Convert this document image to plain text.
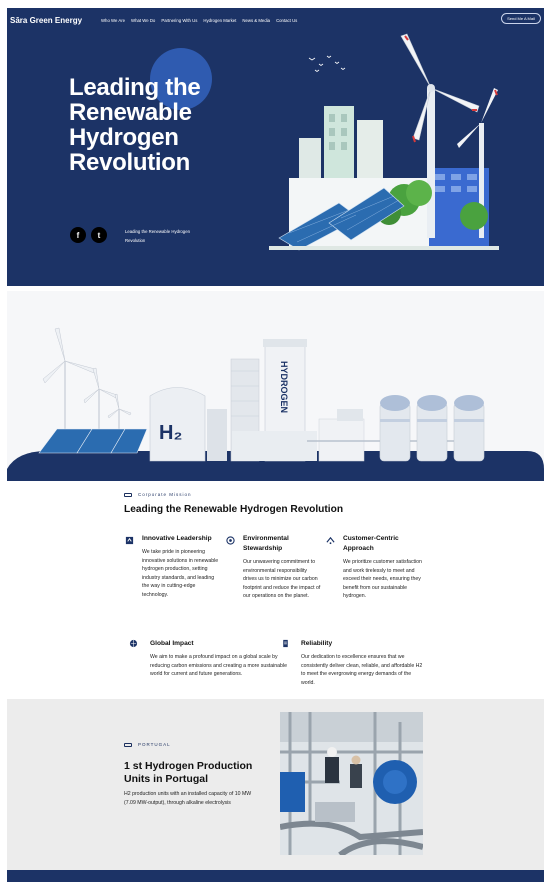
Sāra Green Energy	Who We Are What We Do Partnering With Us Hydrogen Market News & Media Contact Us	Send Me A Mail
Leading the Renewable Hydrogen Revolution
f	t	Leading the Renewable Hydrogen Revolution
H₂
HYDROGEN
Corporate Mission
Leading the Renewable Hydrogen Revolution
Innovative Leadership

We take pride in pioneering innovative solutions in renewable hydrogen production, setting industry standards, and leading the way in cutting-edge technology.

Environmental Stewardship

Our unwavering commitment to environmental responsibility drives us to minimize our carbon footprint and reduce the impact of our operations on the planet.

Customer-Centric Approach

We prioritize customer satisfaction and work tirelessly to meet and exceed their needs, ensuring they benefit from our sustainable hydrogen.

Global Impact

We aim to make a profound impact on a global scale by reducing carbon emissions and creating a more sustainable world for current and future generations.

Reliability

Our dedication to excellence ensures that we consistently deliver clean, reliable, and affordable H2 to meet the evergrowing energy demands of the world.

PORTUGAL
1 st Hydrogen Production Units in Portugal

H2 production units with an installed capacity of 10 MW (7.09 MW-output), through alkaline electrolysis
